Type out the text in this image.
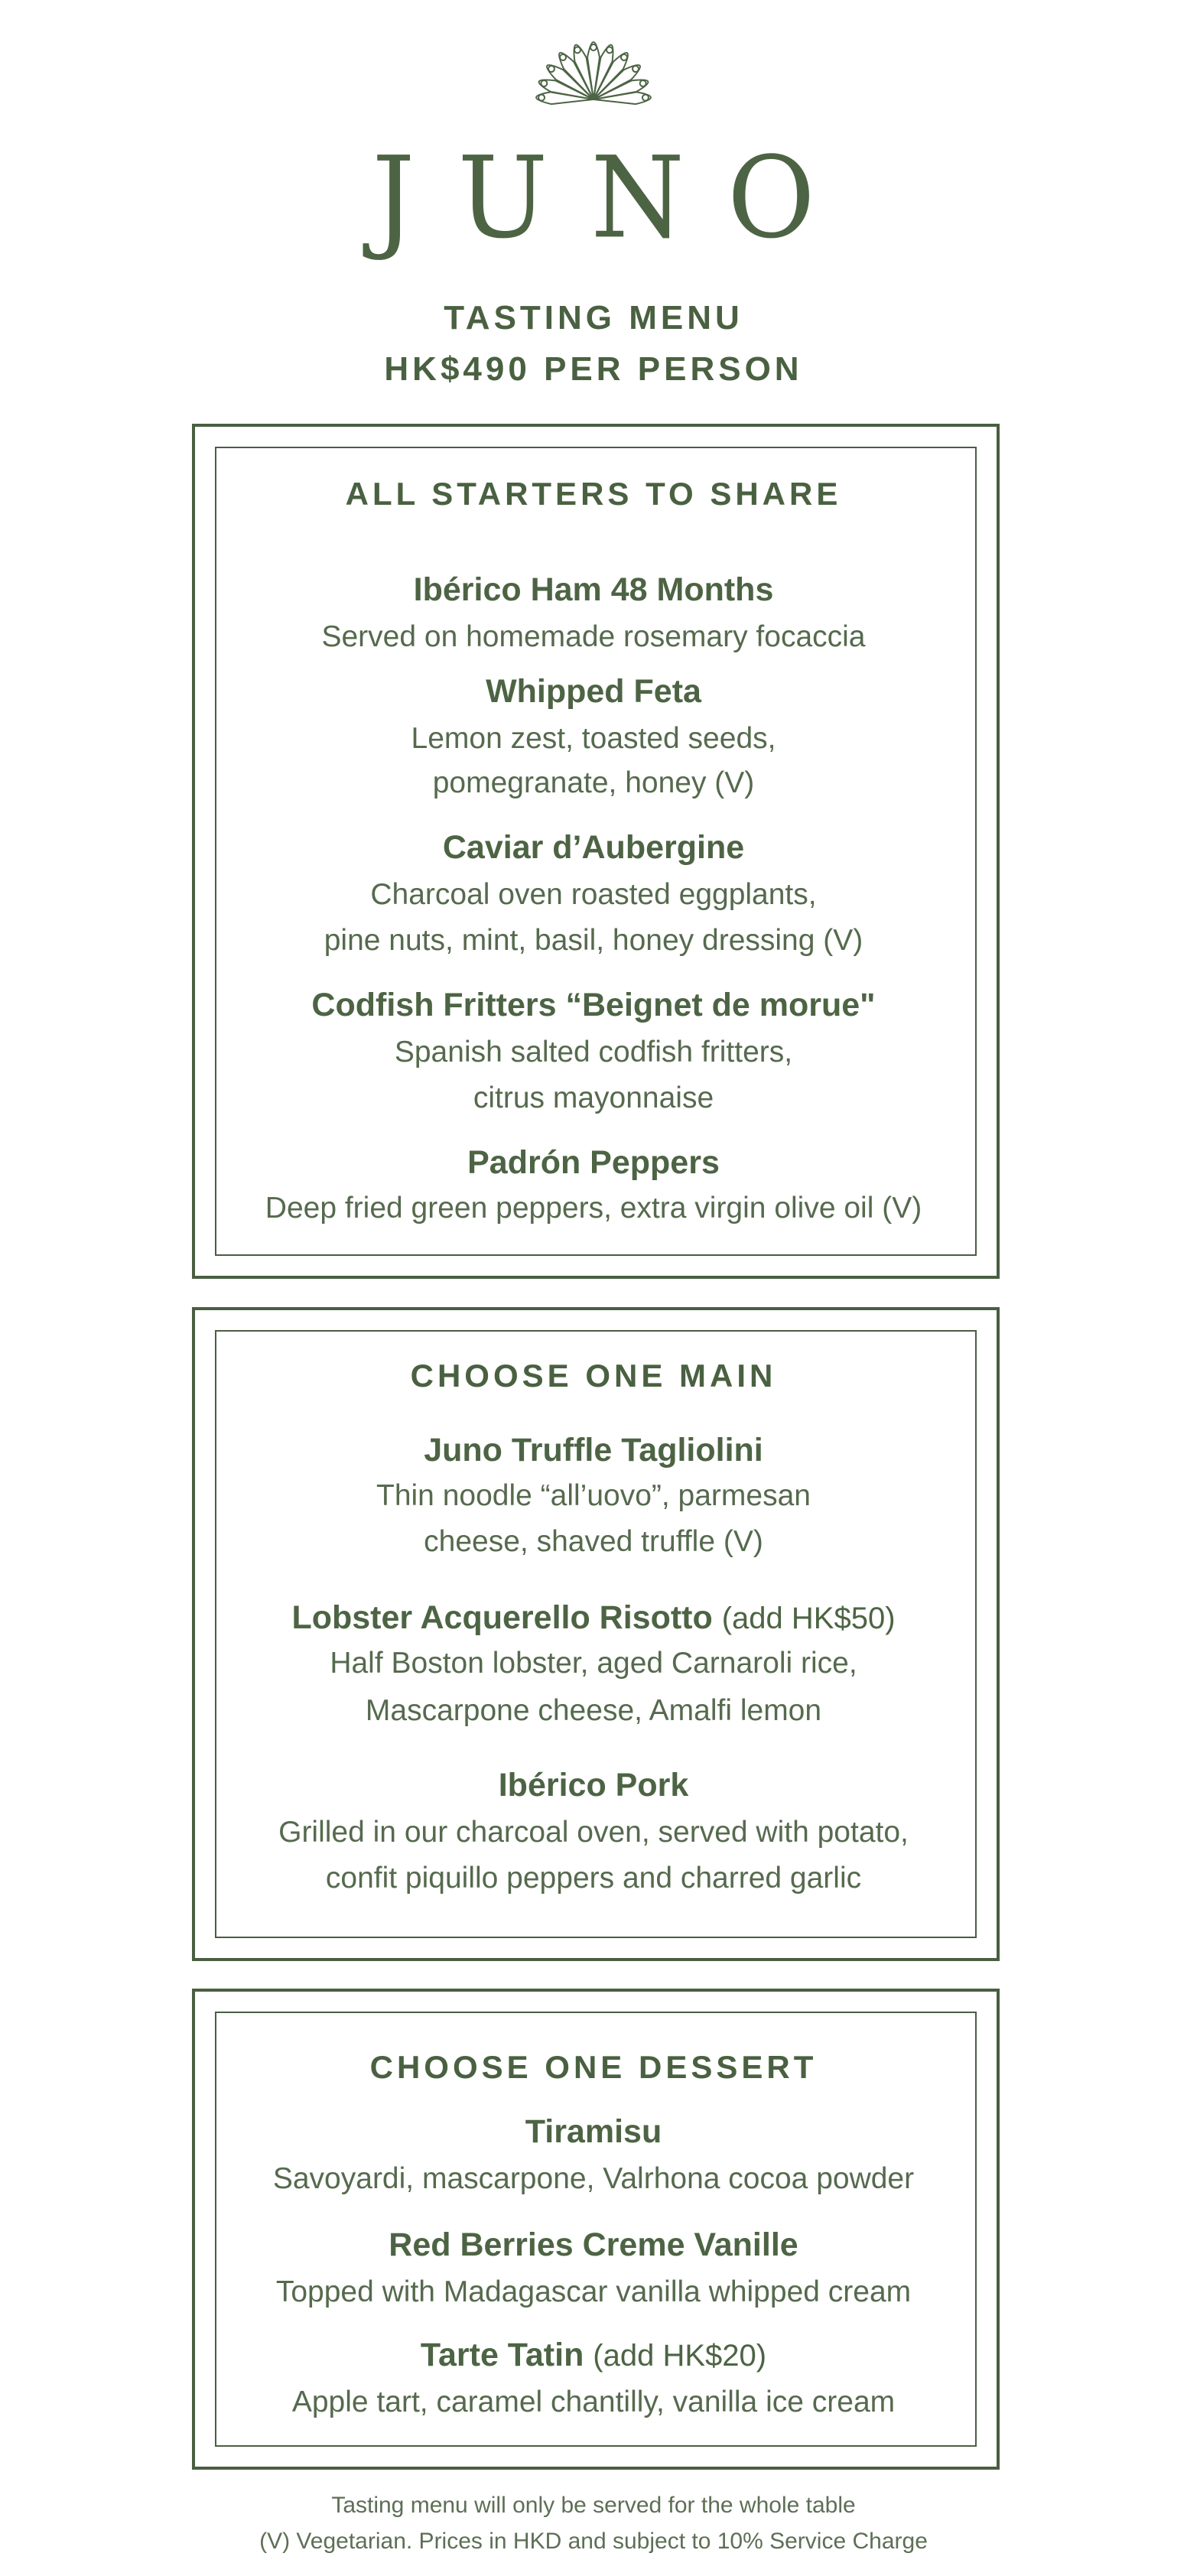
JUNO
TASTING MENU
HK$490 PER PERSON
ALL STARTERS TO SHARE
Ibérico Ham 48 Months
Served on homemade rosemary focaccia
Whipped Feta
Lemon zest, toasted seeds,
pomegranate, honey (V)
Caviar d’Aubergine
Charcoal oven roasted eggplants,
pine nuts, mint, basil, honey dressing (V)
Codfish Fritters “Beignet de morue"
Spanish salted codfish fritters,
citrus mayonnaise
Padrón Peppers
Deep fried green peppers, extra virgin olive oil (V)
CHOOSE ONE MAIN
Juno Truffle Tagliolini
Thin noodle “all’uovo”, parmesan
cheese, shaved truffle (V)
Lobster Acquerello Risotto (add HK$50)
Half Boston lobster, aged Carnaroli rice,
Mascarpone cheese, Amalfi lemon
Ibérico Pork
Grilled in our charcoal oven, served with potato,
confit piquillo peppers and charred garlic
CHOOSE ONE DESSERT
Tiramisu
Savoyardi, mascarpone, Valrhona cocoa powder
Red Berries Creme Vanille
Topped with Madagascar vanilla whipped cream
Tarte Tatin (add HK$20)
Apple tart, caramel chantilly, vanilla ice cream
Tasting menu will only be served for the whole table
(V) Vegetarian. Prices in HKD and subject to 10% Service Charge
